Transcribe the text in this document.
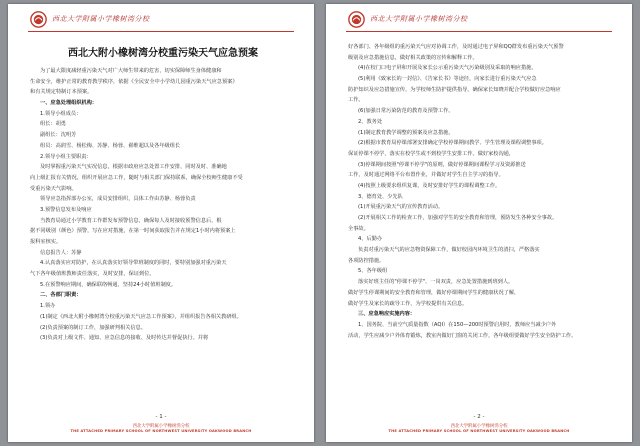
西北大学附属小学橡树湾分校
西北大附小橡树湾分校重污染天气应急预案
为了最大限度减轻重污染天气对广大师生带来的危害，切实保障师生身体健康和
生命安全，维护正常的教育教学秩序，依据《全民安全中小学幼儿园重污染天气应急预案》
和有关规定特制订本预案。
一、应急处理组织机构：
1.领导小组成员：
组长：胡勇
副组长：沈明芳
组员：高润雪、杨松梅、苏静、杨蓉、翟维超以及各年级组长
2.领导小组主要职责：
及时掌握重污染天气实况信息，根据市政府应急处置工作安排，同时及时、准确地
向上级汇报有关情况，组织开展应急工作，随时与相关部门保持联系，确保全校师生健康不受
受重污染天气影响。
领导应急指挥部办公室，成员安排组织，具体工作由苏静、杨蓉负责
3.预警信息发布及响应
当教育局通过小学教育工作群发布预警信息，确保每人及时接收预警信息后，根
据不同级别（颜色）预警，写在应对措施，在第一时间获取报告并在规定1小时内将预案上
报科室核实。
信息报告人：苏静
4.认真落实应对防护，在认真落实好领导带班制度的同时，要特别加强对重污染天
气下各年级值班教师责任落实，及时安排，保证到位。
5.在预警响应期间，确保联络畅通，坚持24小时值班制度。
二、各部门职责：
1.领办
(1)制定《西北大附小橡树湾分校重污染天气应急工作预案》，并组织报告各相关教研组。
(2)负责预案的制订工作，加强研判相关信息。
(3)负责对上级文件、通知、应急信息的接收、及时传达并督促执行。并将
- 1 -
西北大学附属小学橡树湾分校
THE ATTACHED PRIMARY SCHOOL OF NORTHWEST UNIVERSITY OAKWOOD BRANCH
西北大学附属小学橡树湾分校
好各部门、各年级组的重污染天气应对协调工作，及时通过电子屏和QQ群发布重污染天气预警
级别及应急措施信息，做好相关政策的宣传和解释工作。
(4)在校门口电子屏和开展及家长公示重污染天气污染级别及采取的响应措施。
(5)利用《致家长的一封信》、《告家长书》等途径，向家长进行重污染天气应急
防护知识及应急措施宣传，为学校师生防护提供指导。确保家长知晓并配合学校做好应急响应
工作。
(6)加强日常污染防范的教育及预警工作。
2、教务处
(1)制定教育教学调整的预案及应急措施。
(2)根据市教育局停课部署安排确定学校停课期间教学、学生管理及课程调整事项。
保证停课不停学，落实在校学生或不到校学生安排工作。做好家校沟通，
(3)停课期间按照"停课不停学"的原则，做好停课期间课程学习及资源推送
工作，及时通过网络平台布置作业，并做好对学生自主学习的指导。
(4)按照上级要求组织复课，及时安排好学生的课程调整工作。
3、德育处、少先队
(1)开展重污染天气的宣传教育活动。
(2)开展相关工作的检查工作，加强对学生的安全教育和管理，预防发生各种安全事故。
全事故。
4、后勤办
负责对重污染天气的应急物资保障工作，做好校园内环境卫生的清扫，严格落实
各项防控措施。
5、各年级组
落实好班主任的"停课不停学"、一岗双责，应急处置措施到班到人。
做好学生停课期间的安全教育和管理，做好停课期间学生的健康状况了解，
做好学生及家长的疏导工作，为学校提供有关信息。
三、应急响应实施内容：
1、国务院、当前空气质量指数（AQI）在150—200时预警启用时，教师应当减少户外
活动，学生应减少户外体育锻炼，教室内做好门窗的关闭工作，各年级组要做好学生安全防护工作。
- 2 -
西北大学附属小学橡树湾分校
THE ATTACHED PRIMARY SCHOOL OF NORTHWEST UNIVERSITY OAKWOOD BRANCH
